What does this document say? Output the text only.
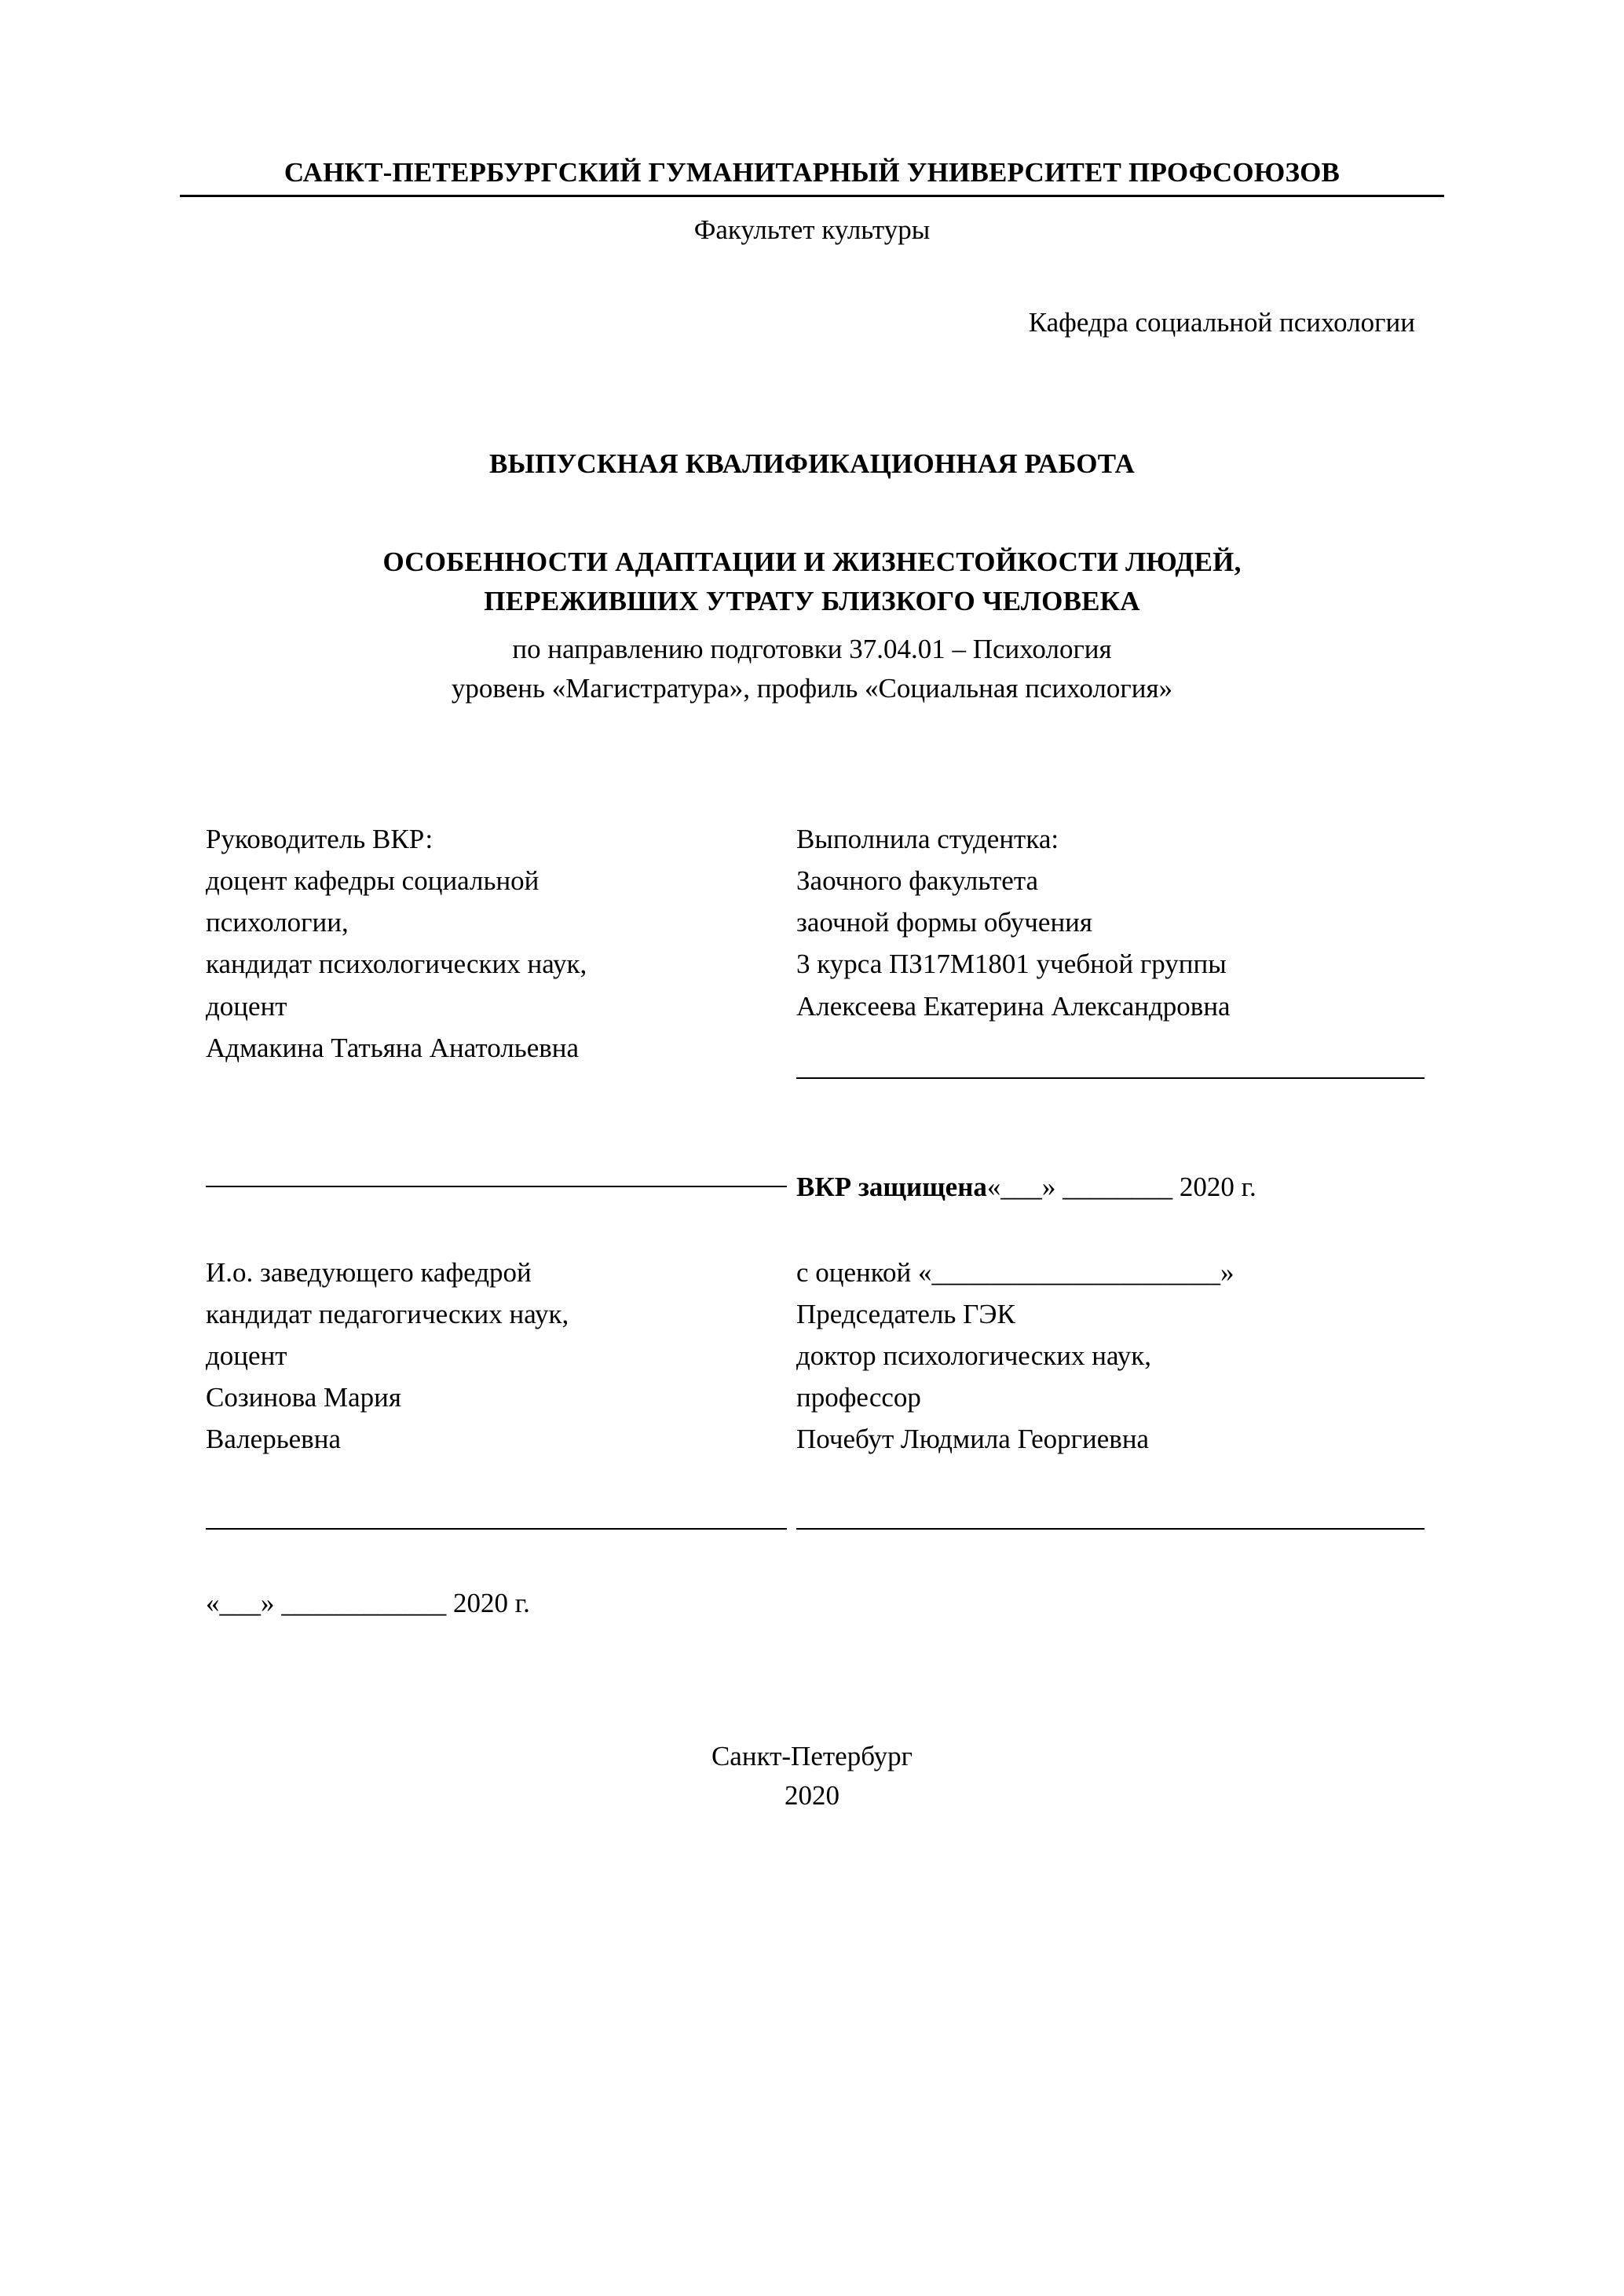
САНКТ-ПЕТЕРБУРГСКИЙ ГУМАНИТАРНЫЙ УНИВЕРСИТЕТ ПРОФСОЮЗОВ
Факультет культуры
Кафедра социальной психологии
ВЫПУСКНАЯ КВАЛИФИКАЦИОННАЯ РАБОТА
ОСОБЕННОСТИ АДАПТАЦИИ И ЖИЗНЕСТОЙКОСТИ ЛЮДЕЙ,
ПЕРЕЖИВШИХ УТРАТУ БЛИЗКОГО ЧЕЛОВЕКА
по направлению подготовки 37.04.01 – Психология
уровень «Магистратура», профиль «Социальная психология»
Руководитель ВКР:
доцент кафедры социальной
психологии,
кандидат психологических наук,
доцент
Адмакина Татьяна Анатольевна
Выполнила студентка:
Заочного факультета
заочной формы обучения
3 курса ПЗ17М1801 учебной группы
Алексеева Екатерина Александровна
ВКР защищена«___» ________ 2020 г.
И.о. заведующего кафедрой
кандидат педагогических наук,
доцент
Созинова Мария
Валерьевна
с оценкой «_____________________»
Председатель ГЭК
доктор психологических наук,
профессор
Почебут Людмила Георгиевна
«___» ____________ 2020 г.
Санкт-Петербург
2020
